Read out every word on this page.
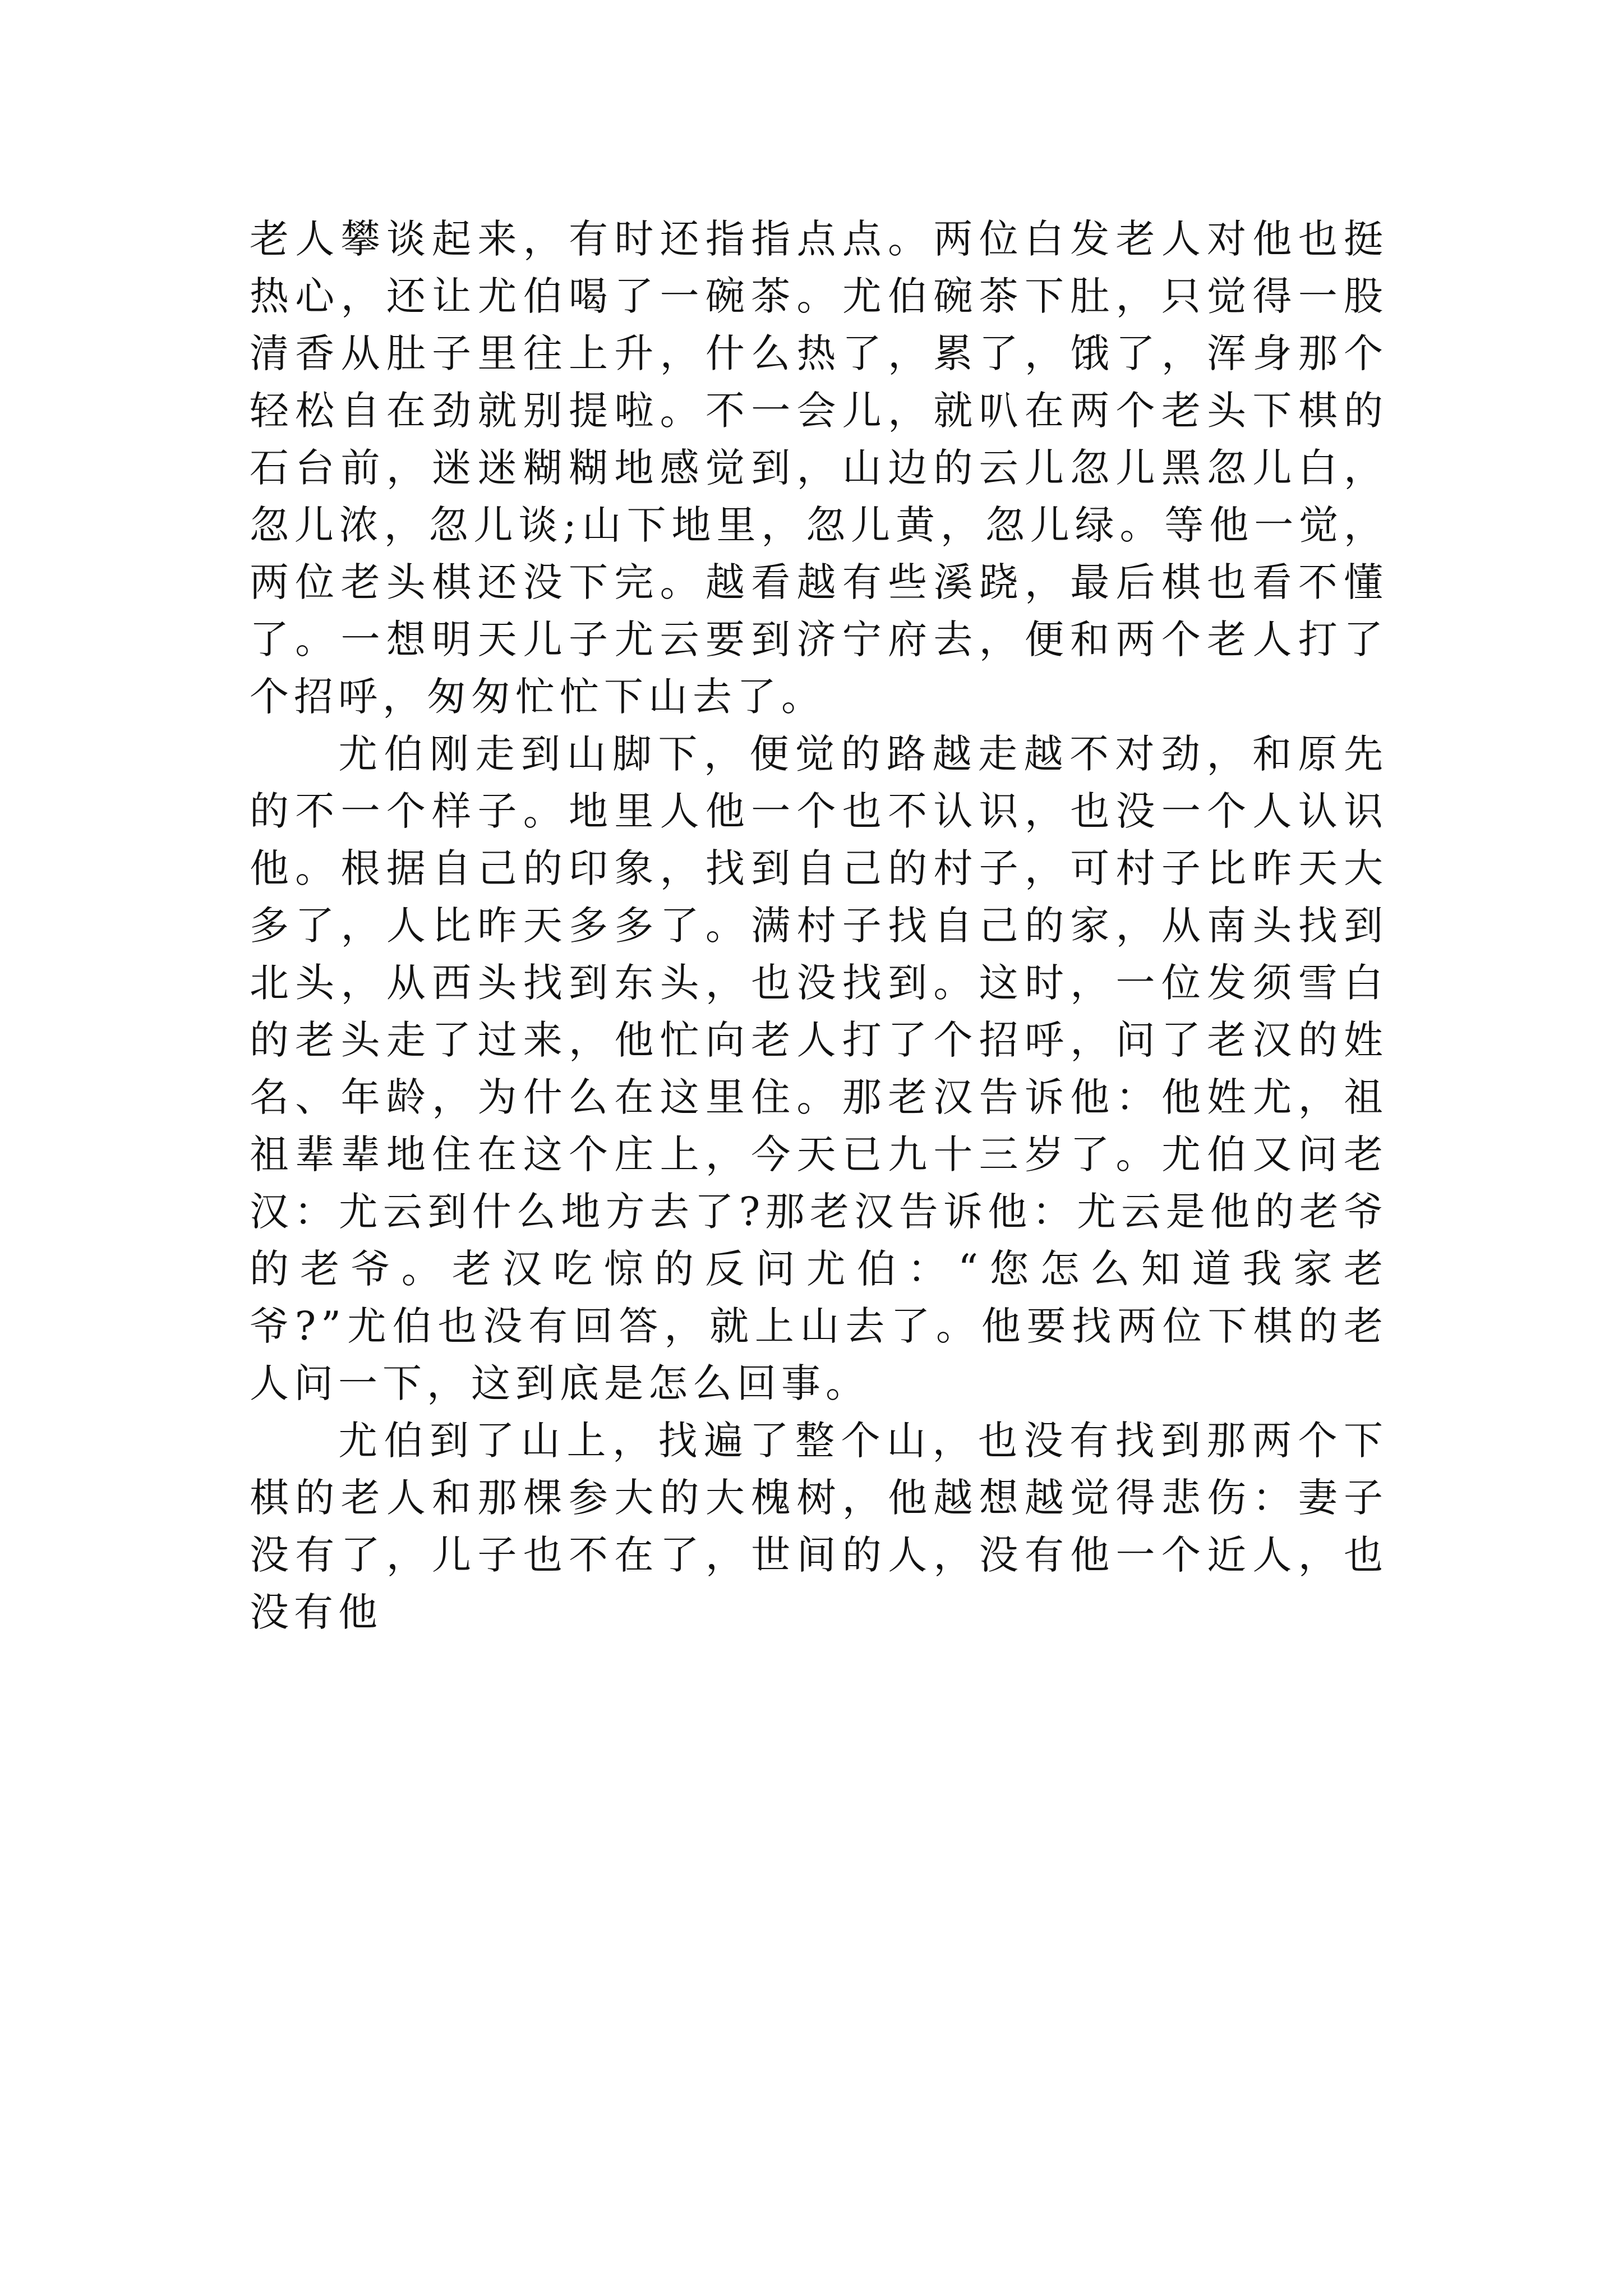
老人攀谈起来，有时还指指点点。两位白发老人对他也挺热心，还让尤伯喝了一碗茶。尤伯碗茶下肚，只觉得一股清香从肚子里往上升，什么热了，累了，饿了，浑身那个轻松自在劲就别提啦。不一会儿，就叭在两个老头下棋的石台前，迷迷糊糊地感觉到，山边的云儿忽儿黑忽儿白，忽儿浓，忽儿谈;山下地里，忽儿黄，忽儿绿。等他一觉，两位老头棋还没下完。越看越有些溪跷，最后棋也看不懂了。一想明天儿子尤云要到济宁府去，便和两个老人打了个招呼，匆匆忙忙下山去了。

尤伯刚走到山脚下，便觉的路越走越不对劲，和原先的不一个样子。地里人他一个也不认识，也没一个人认识他。根据自己的印象，找到自己的村子，可村子比昨天大多了，人比昨天多多了。满村子找自己的家，从南头找到北头，从西头找到东头，也没找到。这时，一位发须雪白的老头走了过来，他忙向老人打了个招呼，问了老汉的姓名、年龄，为什么在这里住。那老汉告诉他：他姓尤，祖祖辈辈地住在这个庄上，今天已九十三岁了。尤伯又问老汉：尤云到什么地方去了?那老汉告诉他：尤云是他的老爷的老爷。老汉吃惊的反问尤伯：“您怎么知道我家老爷?”尤伯也没有回答，就上山去了。他要找两位下棋的老人问一下，这到底是怎么回事。

尤伯到了山上，找遍了整个山，也没有找到那两个下棋的老人和那棵参大的大槐树，他越想越觉得悲伤：妻子没有了，儿子也不在了，世间的人，没有他一个近人，也没有他
